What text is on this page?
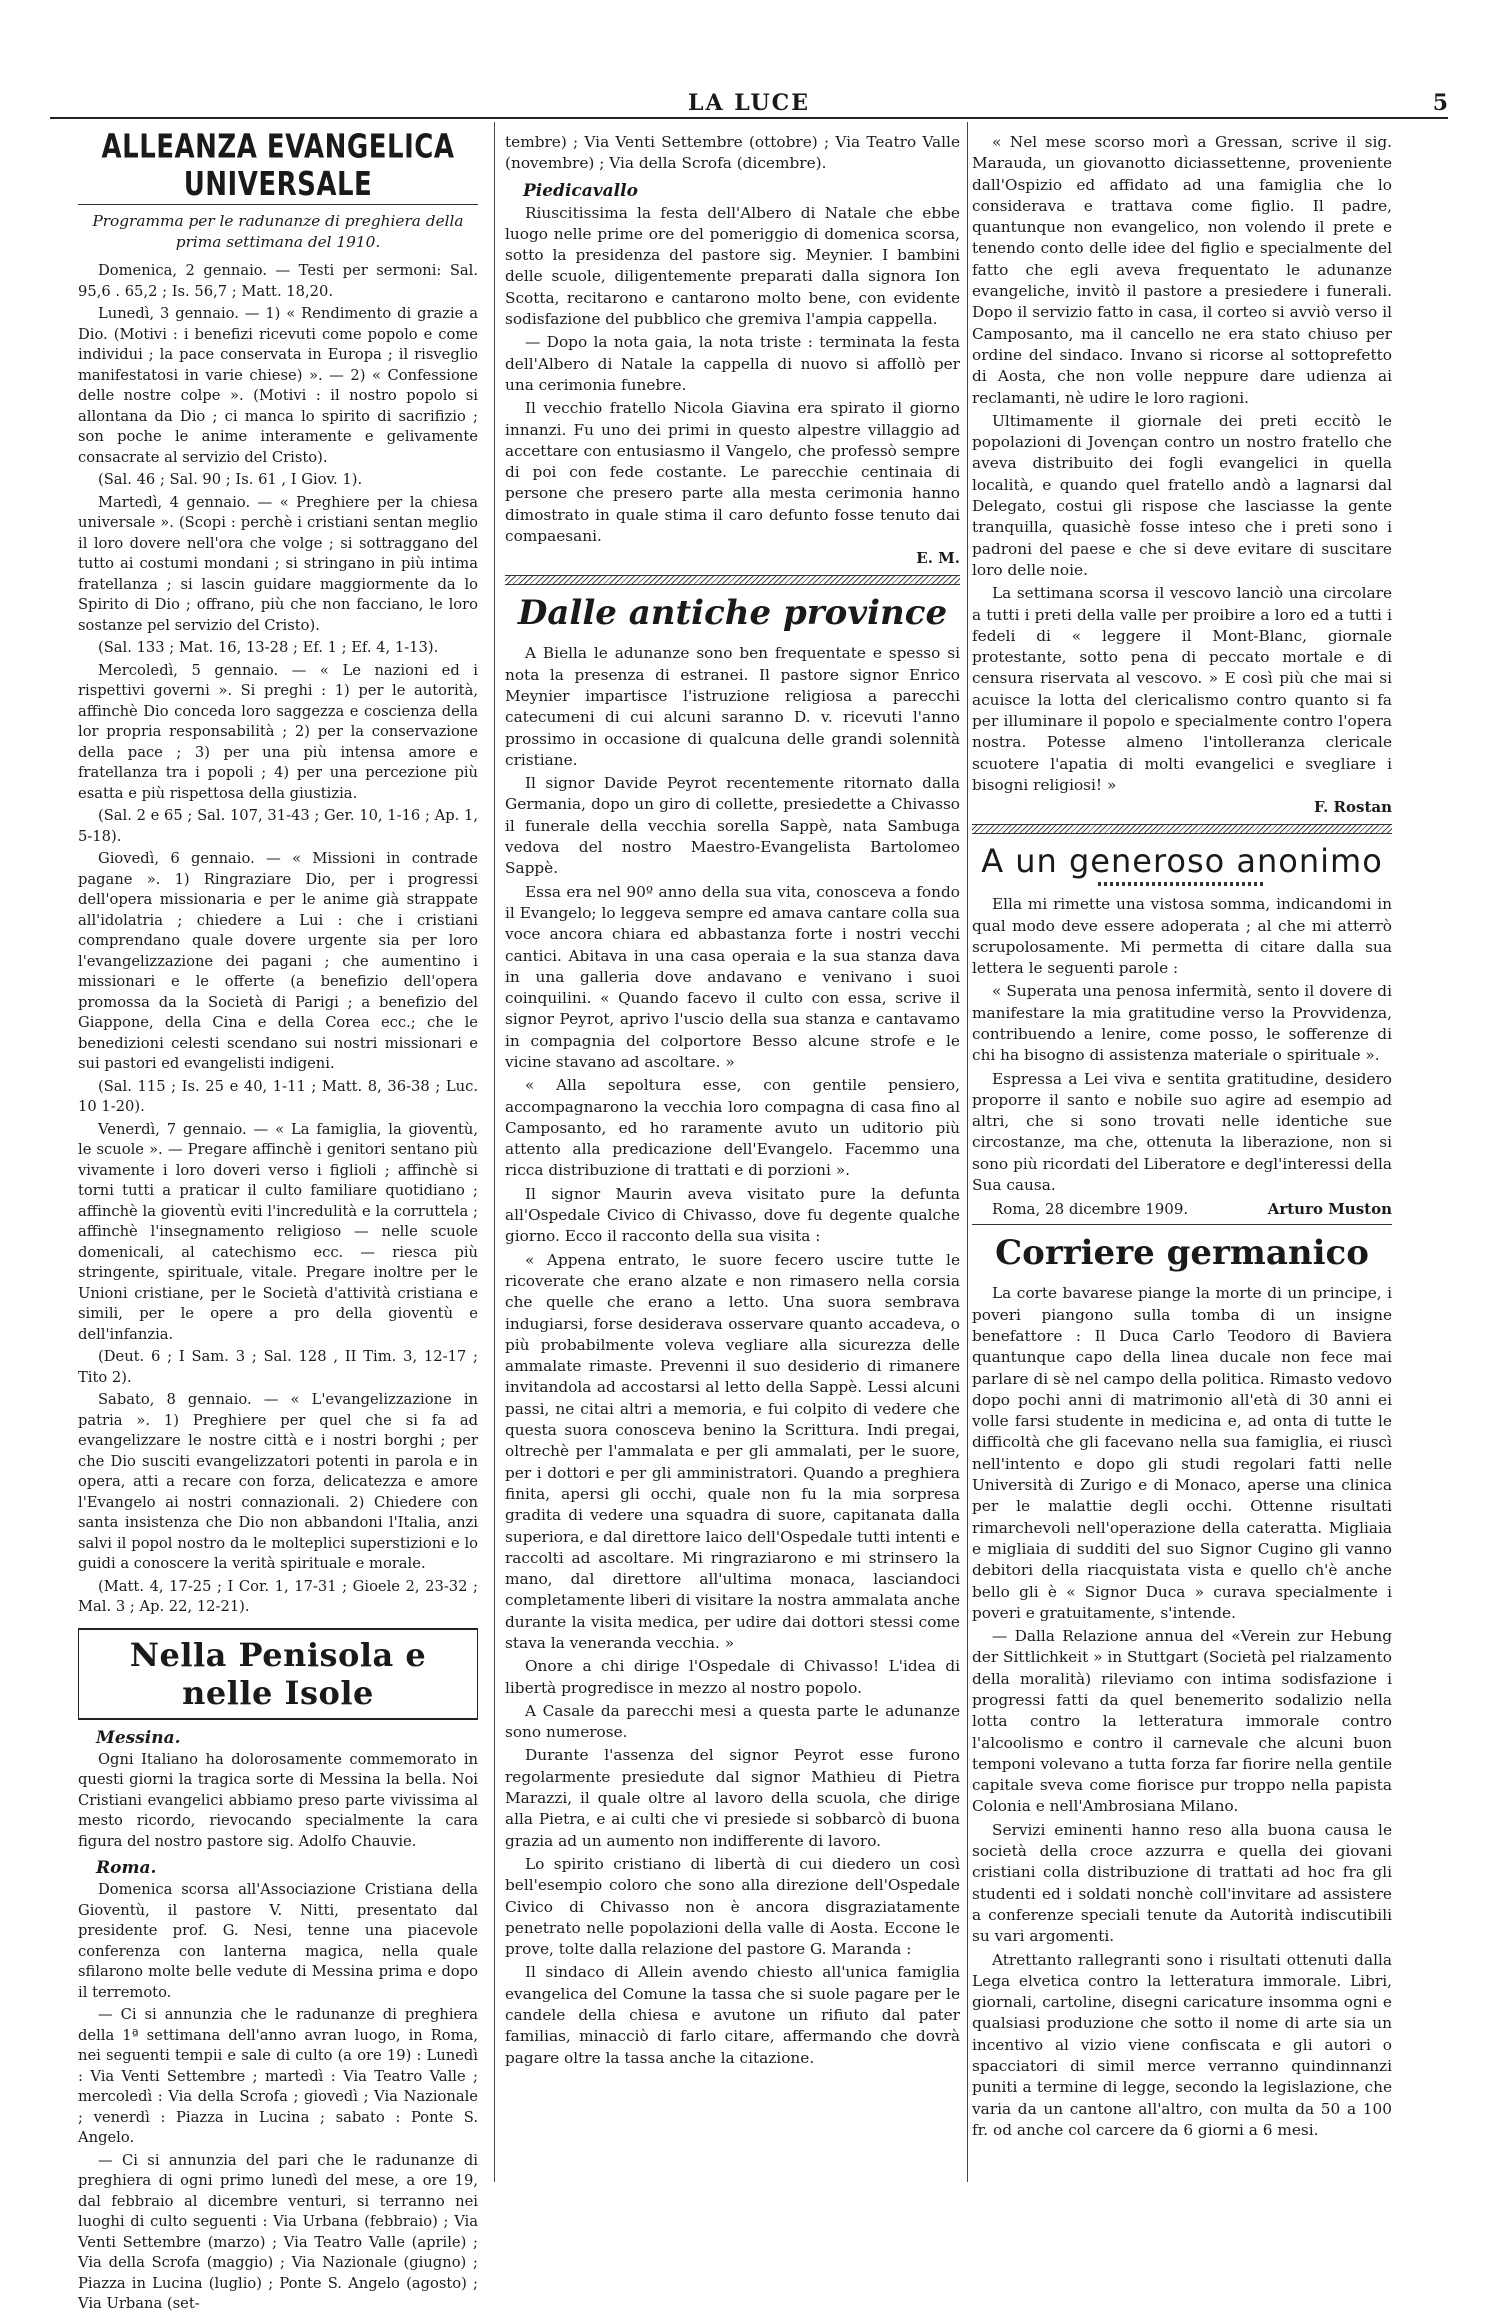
LA LUCE	5
ALLEANZA EVANGELICA UNIVERSALE
Programma per le radunanze di preghiera della prima settimana del 1910.

Domenica, 2 gennaio. — Testi per sermoni: Sal. 95,6 . 65,2 ; Is. 56,7 ; Matt. 18,20.

Lunedì, 3 gennaio. — 1) « Rendimento di grazie a Dio. (Motivi : i benefizi ricevuti come popolo e come individui ; la pace conservata in Europa ; il risveglio manifestatosi in varie chiese) ». — 2) « Confessione delle nostre colpe ». (Motivi : il nostro popolo si allontana da Dio ; ci manca lo spirito di sacrifizio ; son poche le anime interamente e gelivamente consacrate al servizio del Cristo).

(Sal. 46 ; Sal. 90 ; Is. 61 , I Giov. 1).

Martedì, 4 gennaio. — « Preghiere per la chiesa universale ». (Scopi : perchè i cristiani sentan meglio il loro dovere nell'ora che volge ; si sottraggano del tutto ai costumi mondani ; si stringano in più intima fratellanza ; si lascin guidare maggiormente da lo Spirito di Dio ; offrano, più che non facciano, le loro sostanze pel servizio del Cristo).

(Sal. 133 ; Mat. 16, 13-28 ; Ef. 1 ; Ef. 4, 1-13).

Mercoledì, 5 gennaio. — « Le nazioni ed i rispettivi governi ». Si preghi : 1) per le autorità, affinchè Dio conceda loro saggezza e coscienza della lor propria responsabilità ; 2) per la conservazione della pace ; 3) per una più intensa amore e fratellanza tra i popoli ; 4) per una percezione più esatta e più rispettosa della giustizia.

(Sal. 2 e 65 ; Sal. 107, 31-43 ; Ger. 10, 1-16 ; Ap. 1, 5-18).

Giovedì, 6 gennaio. — « Missioni in contrade pagane ». 1) Ringraziare Dio, per i progressi dell'opera missionaria e per le anime già strappate all'idolatria ; chiedere a Lui : che i cristiani comprendano quale dovere urgente sia per loro l'evangelizzazione dei pagani ; che aumentino i missionari e le offerte (a benefizio dell'opera promossa da la Società di Parigi ; a benefizio del Giappone, della Cina e della Corea ecc.; che le benedizioni celesti scendano sui nostri missionari e sui pastori ed evangelisti indigeni.

(Sal. 115 ; Is. 25 e 40, 1-11 ; Matt. 8, 36-38 ; Luc. 10 1-20).

Venerdì, 7 gennaio. — « La famiglia, la gioventù, le scuole ». — Pregare affinchè i genitori sentano più vivamente i loro doveri verso i figlioli ; affinchè si torni tutti a praticar il culto familiare quotidiano ; affinchè la gioventù eviti l'incredulità e la corruttela ; affinchè l'insegnamento religioso — nelle scuole domenicali, al catechismo ecc. — riesca più stringente, spirituale, vitale. Pregare inoltre per le Unioni cristiane, per le Società d'attività cristiana e simili, per le opere a pro della gioventù e dell'infanzia.

(Deut. 6 ; I Sam. 3 ; Sal. 128 , II Tim. 3, 12-17 ; Tito 2).

Sabato, 8 gennaio. — « L'evangelizzazione in patria ». 1) Preghiere per quel che si fa ad evangelizzare le nostre città e i nostri borghi ; per che Dio susciti evangelizzatori potenti in parola e in opera, atti a recare con forza, delicatezza e amore l'Evangelo ai nostri connazionali. 2) Chiedere con santa insistenza che Dio non abbandoni l'Italia, anzi salvi il popol nostro da le molteplici superstizioni e lo guidi a conoscere la verità spirituale e morale.

(Matt. 4, 17-25 ; I Cor. 1, 17-31 ; Gioele 2, 23-32 ; Mal. 3 ; Ap. 22, 12-21).

Nella Penisola e nelle Isole
Messina.

Ogni Italiano ha dolorosamente commemorato in questi giorni la tragica sorte di Messina la bella. Noi Cristiani evangelici abbiamo preso parte vivissima al mesto ricordo, rievocando specialmente la cara figura del nostro pastore sig. Adolfo Chauvie.

Roma.

Domenica scorsa all'Associazione Cristiana della Gioventù, il pastore V. Nitti, presentato dal presidente prof. G. Nesi, tenne una piacevole conferenza con lanterna magica, nella quale sfilarono molte belle vedute di Messina prima e dopo il terremoto.

— Ci si annunzia che le radunanze di preghiera della 1ª settimana dell'anno avran luogo, in Roma, nei seguenti tempii e sale di culto (a ore 19) : Lunedì : Via Venti Settembre ; martedì : Via Teatro Valle ; mercoledì : Via della Scrofa ; giovedì ; Via Nazionale ; venerdì : Piazza in Lucina ; sabato : Ponte S. Angelo.

— Ci si annunzia del pari che le radunanze di preghiera di ogni primo lunedì del mese, a ore 19, dal febbraio al dicembre venturi, si terranno nei luoghi di culto seguenti : Via Urbana (febbraio) ; Via Venti Settembre (marzo) ; Via Teatro Valle (aprile) ; Via della Scrofa (maggio) ; Via Nazionale (giugno) ; Piazza in Lucina (luglio) ; Ponte S. Angelo (agosto) ; Via Urbana (set-

tembre) ; Via Venti Settembre (ottobre) ; Via Teatro Valle (novembre) ; Via della Scrofa (dicembre).

Piedicavallo

Riuscitissima la festa dell'Albero di Natale che ebbe luogo nelle prime ore del pomeriggio di domenica scorsa, sotto la presidenza del pastore sig. Meynier. I bambini delle scuole, diligentemente preparati dalla signora Ion Scotta, recitarono e cantarono molto bene, con evidente sodisfazione del pubblico che gremiva l'ampia cappella.

— Dopo la nota gaia, la nota triste : terminata la festa dell'Albero di Natale la cappella di nuovo si affollò per una cerimonia funebre.

Il vecchio fratello Nicola Giavina era spirato il giorno innanzi. Fu uno dei primi in questo alpestre villaggio ad accettare con entusiasmo il Vangelo, che professò sempre di poi con fede costante. Le parecchie centinaia di persone che presero parte alla mesta cerimonia hanno dimostrato in quale stima il caro defunto fosse tenuto dai compaesani.

E. M.
Dalle antiche province

A Biella le adunanze sono ben frequentate e spesso si nota la presenza di estranei. Il pastore signor Enrico Meynier impartisce l'istruzione religiosa a parecchi catecumeni di cui alcuni saranno D. v. ricevuti l'anno prossimo in occasione di qualcuna delle grandi solennità cristiane.

Il signor Davide Peyrot recentemente ritornato dalla Germania, dopo un giro di collette, presiedette a Chivasso il funerale della vecchia sorella Sappè, nata Sambuga vedova del nostro Maestro-Evangelista Bartolomeo Sappè.

Essa era nel 90º anno della sua vita, conosceva a fondo il Evangelo; lo leggeva sempre ed amava cantare colla sua voce ancora chiara ed abbastanza forte i nostri vecchi cantici. Abitava in una casa operaia e la sua stanza dava in una galleria dove andavano e venivano i suoi coinquilini. « Quando facevo il culto con essa, scrive il signor Peyrot, aprivo l'uscio della sua stanza e cantavamo in compagnia del colportore Besso alcune strofe e le vicine stavano ad ascoltare. »

« Alla sepoltura esse, con gentile pensiero, accompagnarono la vecchia loro compagna di casa fino al Camposanto, ed ho raramente avuto un uditorio più attento alla predicazione dell'Evangelo. Facemmo una ricca distribuzione di trattati e di porzioni ».

Il signor Maurin aveva visitato pure la defunta all'Ospedale Civico di Chivasso, dove fu degente qualche giorno. Ecco il racconto della sua visita :

« Appena entrato, le suore fecero uscire tutte le ricoverate che erano alzate e non rimasero nella corsia che quelle che erano a letto. Una suora sembrava indugiarsi, forse desiderava osservare quanto accadeva, o più probabilmente voleva vegliare alla sicurezza delle ammalate rimaste. Prevenni il suo desiderio di rimanere invitandola ad accostarsi al letto della Sappè. Lessi alcuni passi, ne citai altri a memoria, e fui colpito di vedere che questa suora conosceva benino la Scrittura. Indi pregai, oltrechè per l'ammalata e per gli ammalati, per le suore, per i dottori e per gli amministratori. Quando a preghiera finita, apersi gli occhi, quale non fu la mia sorpresa gradita di vedere una squadra di suore, capitanata dalla superiora, e dal direttore laico dell'Ospedale tutti intenti e raccolti ad ascoltare. Mi ringraziarono e mi strinsero la mano, dal direttore all'ultima monaca, lasciandoci completamente liberi di visitare la nostra ammalata anche durante la visita medica, per udire dai dottori stessi come stava la veneranda vecchia. »

Onore a chi dirige l'Ospedale di Chivasso! L'idea di libertà progredisce in mezzo al nostro popolo.

A Casale da parecchi mesi a questa parte le adunanze sono numerose.

Durante l'assenza del signor Peyrot esse furono regolarmente presiedute dal signor Mathieu di Pietra Marazzi, il quale oltre al lavoro della scuola, che dirige alla Pietra, e ai culti che vi presiede si sobbarcò di buona grazia ad un aumento non indifferente di lavoro.

Lo spirito cristiano di libertà di cui diedero un così bell'esempio coloro che sono alla direzione dell'Ospedale Civico di Chivasso non è ancora disgraziatamente penetrato nelle popolazioni della valle di Aosta. Eccone le prove, tolte dalla relazione del pastore G. Maranda :

Il sindaco di Allein avendo chiesto all'unica famiglia evangelica del Comune la tassa che si suole pagare per le candele della chiesa e avutone un rifiuto dal pater familias, minacciò di farlo citare, affermando che dovrà pagare oltre la tassa anche la citazione.

« Nel mese scorso morì a Gressan, scrive il sig. Marauda, un giovanotto diciassettenne, proveniente dall'Ospizio ed affidato ad una famiglia che lo considerava e trattava come figlio. Il padre, quantunque non evangelico, non volendo il prete e tenendo conto delle idee del figlio e specialmente del fatto che egli aveva frequentato le adunanze evangeliche, invitò il pastore a presiedere i funerali. Dopo il servizio fatto in casa, il corteo si avviò verso il Camposanto, ma il cancello ne era stato chiuso per ordine del sindaco. Invano si ricorse al sottoprefetto di Aosta, che non volle neppure dare udienza ai reclamanti, nè udire le loro ragioni.

Ultimamente il giornale dei preti eccitò le popolazioni di Jovençan contro un nostro fratello che aveva distribuito dei fogli evangelici in quella località, e quando quel fratello andò a lagnarsi dal Delegato, costui gli rispose che lasciasse la gente tranquilla, quasichè fosse inteso che i preti sono i padroni del paese e che si deve evitare di suscitare loro delle noie.

La settimana scorsa il vescovo lanciò una circolare a tutti i preti della valle per proibire a loro ed a tutti i fedeli di « leggere il Mont-Blanc, giornale protestante, sotto pena di peccato mortale e di censura riservata al vescovo. » E così più che mai si acuisce la lotta del clericalismo contro quanto si fa per illuminare il popolo e specialmente contro l'opera nostra. Potesse almeno l'intolleranza clericale scuotere l'apatia di molti evangelici e svegliare i bisogni religiosi! »

F. Rostan
A un generoso anonimo

Ella mi rimette una vistosa somma, indicandomi in qual modo deve essere adoperata ; al che mi atterrò scrupolosamente. Mi permetta di citare dalla sua lettera le seguenti parole :

« Superata una penosa infermità, sento il dovere di manifestare la mia gratitudine verso la Provvidenza, contribuendo a lenire, come posso, le sofferenze di chi ha bisogno di assistenza materiale o spirituale ».

Espressa a Lei viva e sentita gratitudine, desidero proporre il santo e nobile suo agire ad esempio ad altri, che si sono trovati nelle identiche sue circostanze, ma che, ottenuta la liberazione, non si sono più ricordati del Liberatore e degl'interessi della Sua causa.

Roma, 28 dicembre 1909.	Arturo Muston
Corriere germanico

La corte bavarese piange la morte di un principe, i poveri piangono sulla tomba di un insigne benefattore : Il Duca Carlo Teodoro di Baviera quantunque capo della linea ducale non fece mai parlare di sè nel campo della politica. Rimasto vedovo dopo pochi anni di matrimonio all'età di 30 anni ei volle farsi studente in medicina e, ad onta di tutte le difficoltà che gli facevano nella sua famiglia, ei riuscì nell'intento e dopo gli studi regolari fatti nelle Università di Zurigo e di Monaco, aperse una clinica per le malattie degli occhi. Ottenne risultati rimarchevoli nell'operazione della cateratta. Migliaia e migliaia di sudditi del suo Signor Cugino gli vanno debitori della riacquistata vista e quello ch'è anche bello gli è « Signor Duca » curava specialmente i poveri e gratuitamente, s'intende.

— Dalla Relazione annua del «Verein zur Hebung der Sittlichkeit » in Stuttgart (Società pel rialzamento della moralità) rileviamo con intima sodisfazione i progressi fatti da quel benemerito sodalizio nella lotta contro la letteratura immorale contro l'alcoolismo e contro il carnevale che alcuni buon temponi volevano a tutta forza far fiorire nella gentile capitale sveva come fiorisce pur troppo nella papista Colonia e nell'Ambrosiana Milano.

Servizi eminenti hanno reso alla buona causa le società della croce azzurra e quella dei giovani cristiani colla distribuzione di trattati ad hoc fra gli studenti ed i soldati nonchè coll'invitare ad assistere a conferenze speciali tenute da Autorità indiscutibili su vari argomenti.

Atrettanto rallegranti sono i risultati ottenuti dalla Lega elvetica contro la letteratura immorale. Libri, giornali, cartoline, disegni caricature insomma ogni e qualsiasi produzione che sotto il nome di arte sia un incentivo al vizio viene confiscata e gli autori o spacciatori di simil merce verranno quindinnanzi puniti a termine di legge, secondo la legislazione, che varia da un cantone all'altro, con multa da 50 a 100 fr. od anche col carcere da 6 giorni a 6 mesi.
